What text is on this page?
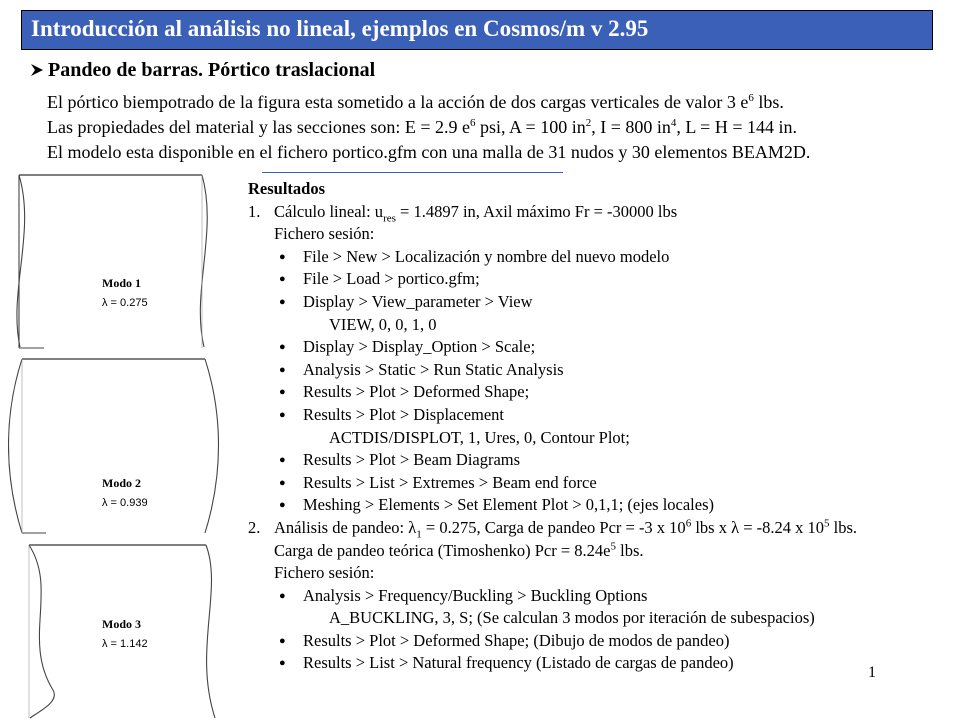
Introducción al análisis no lineal, ejemplos en Cosmos/m v 2.95
Pandeo de barras. Pórtico traslacional
El pórtico biempotrado de la figura esta sometido a la acción de dos cargas verticales de valor 3 $e^6$ lbs.
Las propiedades del material y las secciones son: E = 2.9 $e^6$ psi, A = 100 $in^2$, I = 800 $in^4$, L = H = 144 in.
El modelo esta disponible en el fichero portico.gfm con una malla de 31 nudos y 30 elementos BEAM2D.
Modo 1
λ = 0.275
Modo 2
λ = 0.939
Modo 3
λ = 1.142
Resultados
1. Cálculo lineal: $u_{res} = 1.4897$ in, Axil máximo Fr = -30000 lbs
Fichero sesión:
● File > New > Localización y nombre del nuevo modelo
● File > Load > portico.gfm;
● Display > View_parameter > View
VIEW, 0, 0, 1, 0
● Display > Display_Option > Scale;
● Analysis > Static > Run Static Analysis
● Results > Plot > Deformed Shape;
● Results > Plot > Displacement
ACTDIS/DISPLOT, 1, Ures, 0, Contour Plot;
● Results > Plot > Beam Diagrams
● Results > List > Extremes > Beam end force
● Meshing > Elements > Set Element Plot > 0,1,1; (ejes locales)
2. Análisis de pandeo: $\lambda_1 = 0.275$, Carga de pandeo Pcr = -3 x $10^6$ lbs x λ = -8.24 x $10^5$ lbs.
Carga de pandeo teórica (Timoshenko) Pcr = $8.24e^5$ lbs.
Fichero sesión:
● Analysis > Frequency/Buckling > Buckling Options
A_BUCKLING, 3, S; (Se calculan 3 modos por iteración de subespacios)
● Results > Plot > Deformed Shape; (Dibujo de modos de pandeo)
● Results > List > Natural frequency (Listado de cargas de pandeo)
1
